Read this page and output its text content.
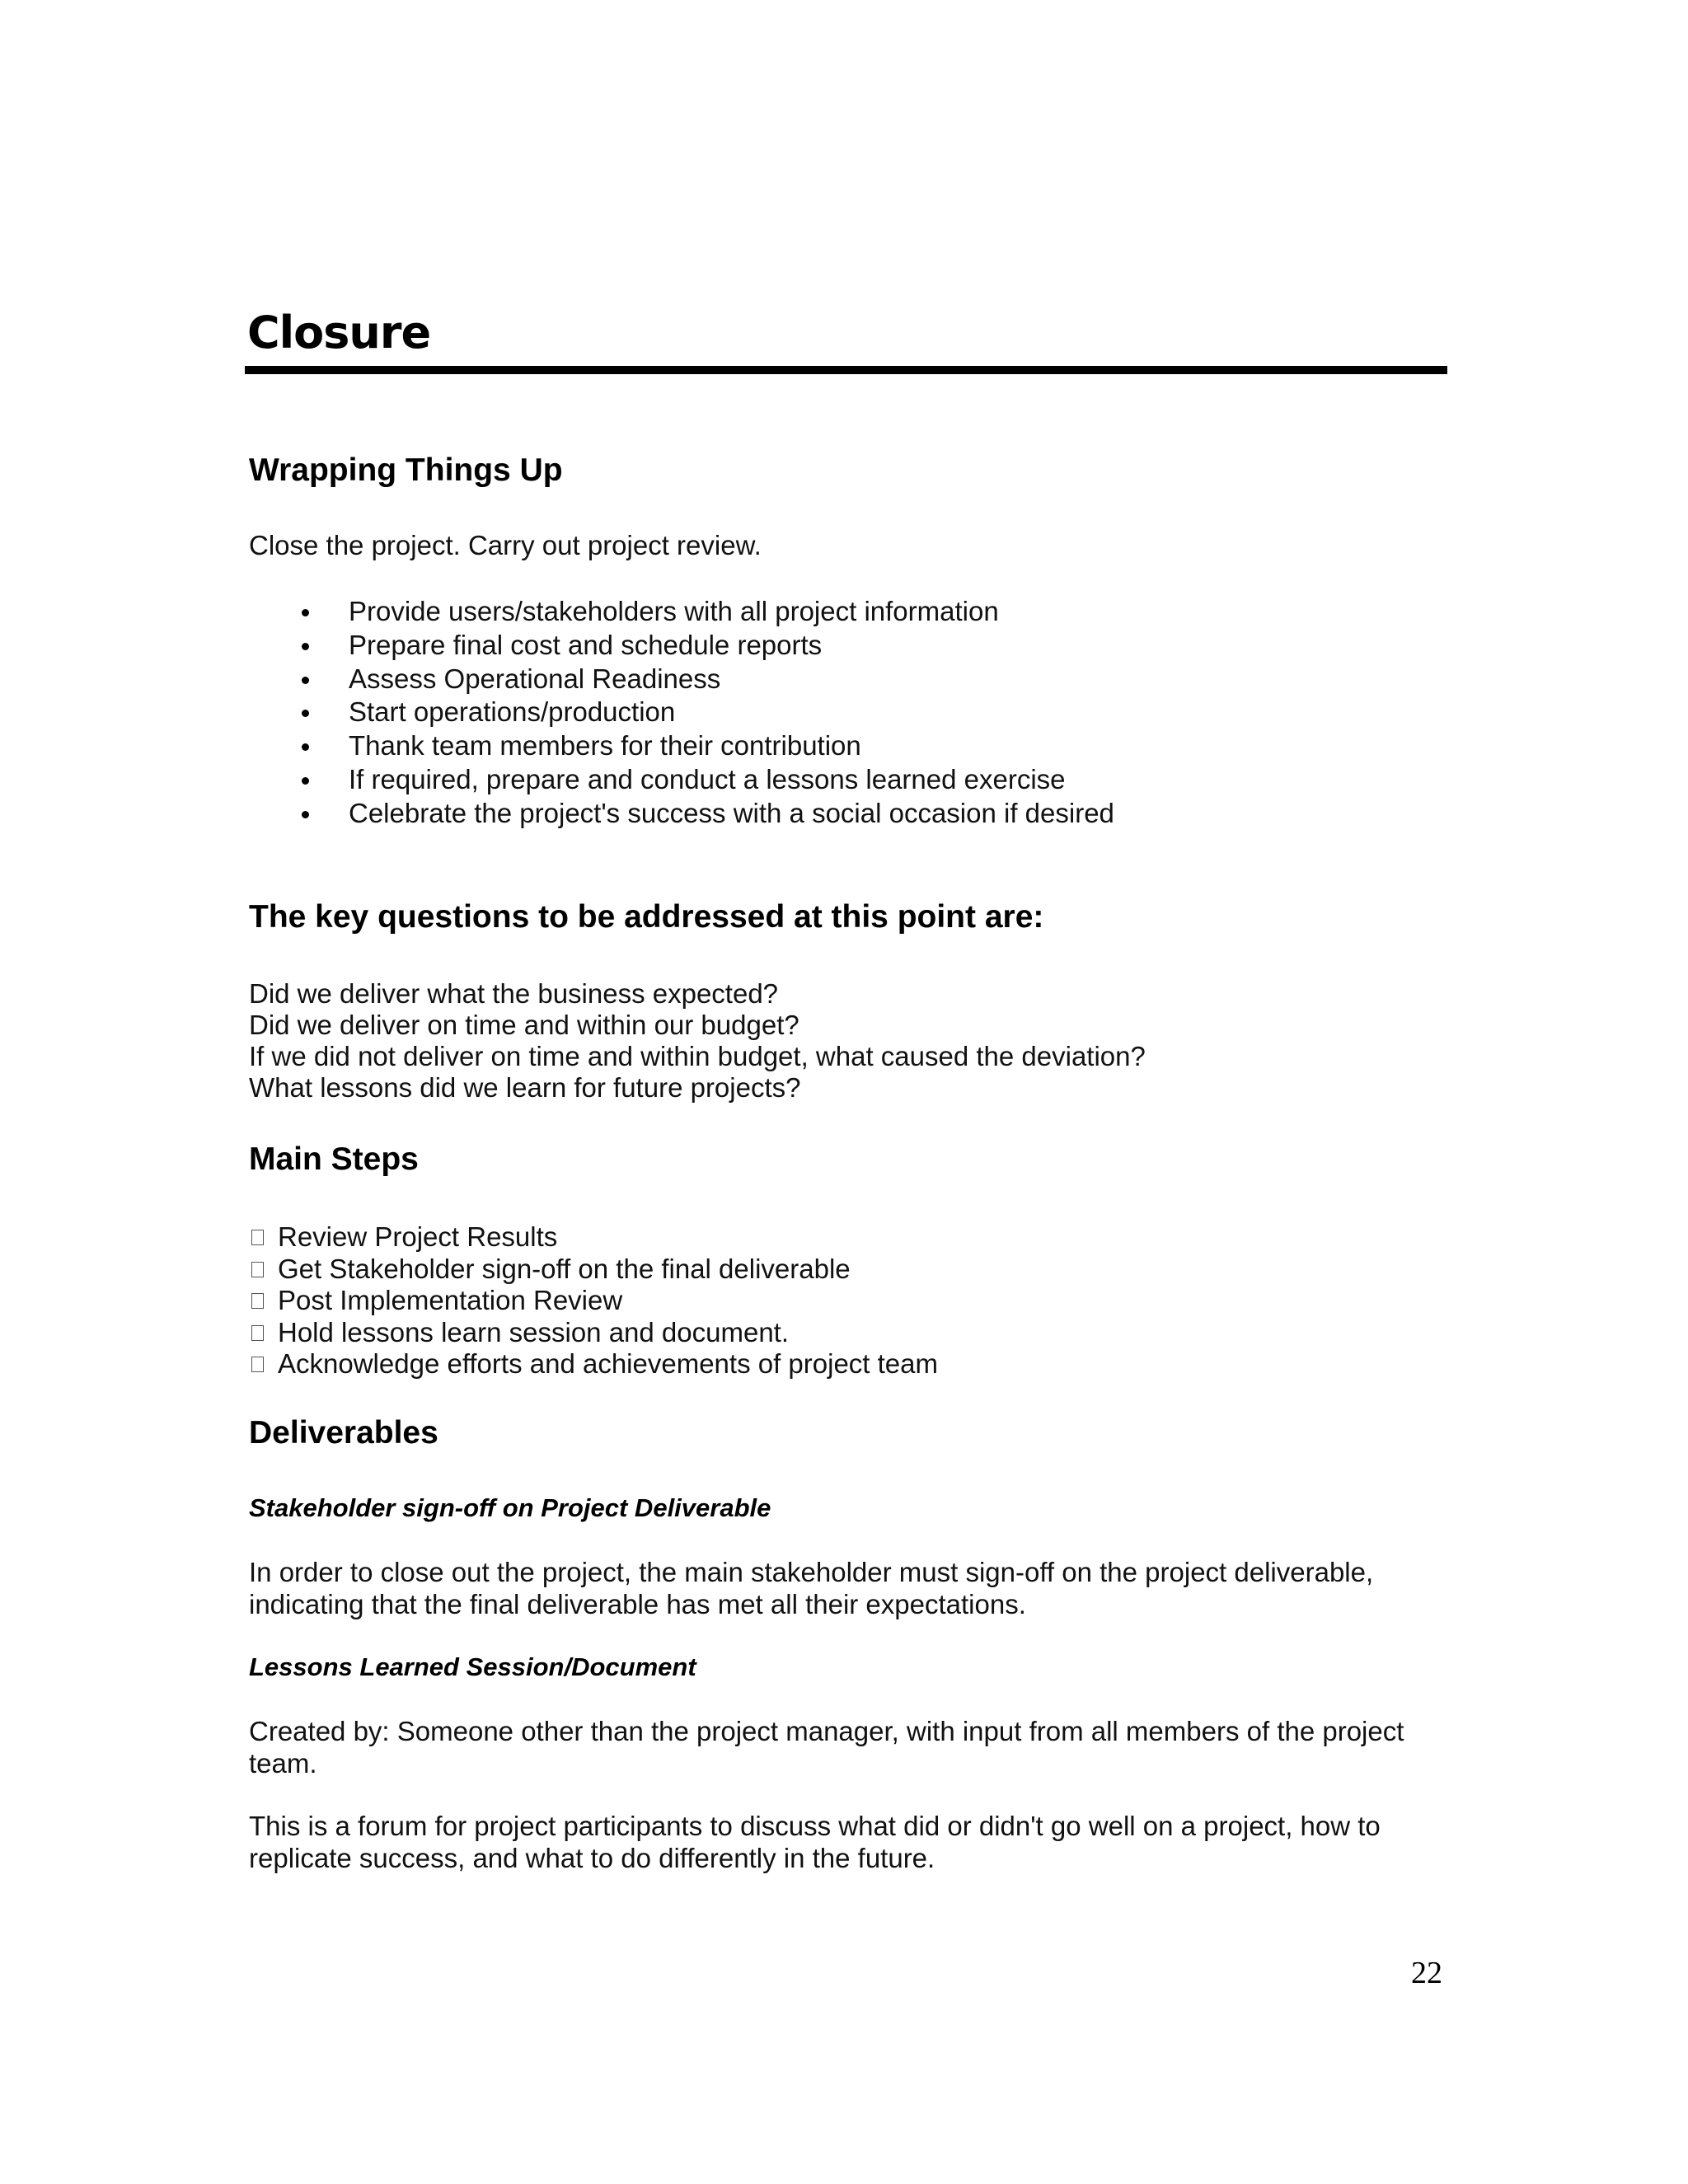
Closure
Wrapping Things Up

Close the project. Carry out project review.

Provide users/stakeholders with all project information
Prepare final cost and schedule reports
Assess Operational Readiness
Start operations/production
Thank team members for their contribution
If required, prepare and conduct a lessons learned exercise
Celebrate the project's success with a social occasion if desired
The key questions to be addressed at this point are:

Did we deliver what the business expected?

Did we deliver on time and within our budget?

If we did not deliver on time and within budget, what caused the deviation?

What lessons did we learn for future projects?

Main Steps
Review Project Results
Get Stakeholder sign-off on the final deliverable
Post Implementation Review
Hold lessons learn session and document.
Acknowledge efforts and achievements of project team
Deliverables
Stakeholder sign-off on Project Deliverable

In order to close out the project, the main stakeholder must sign-off on the project deliverable, indicating that the final deliverable has met all their expectations.

Lessons Learned Session/Document

Created by: Someone other than the project manager, with input from all members of the project team.

This is a forum for project participants to discuss what did or didn't go well on a project, how to replicate success, and what to do differently in the future.

22
